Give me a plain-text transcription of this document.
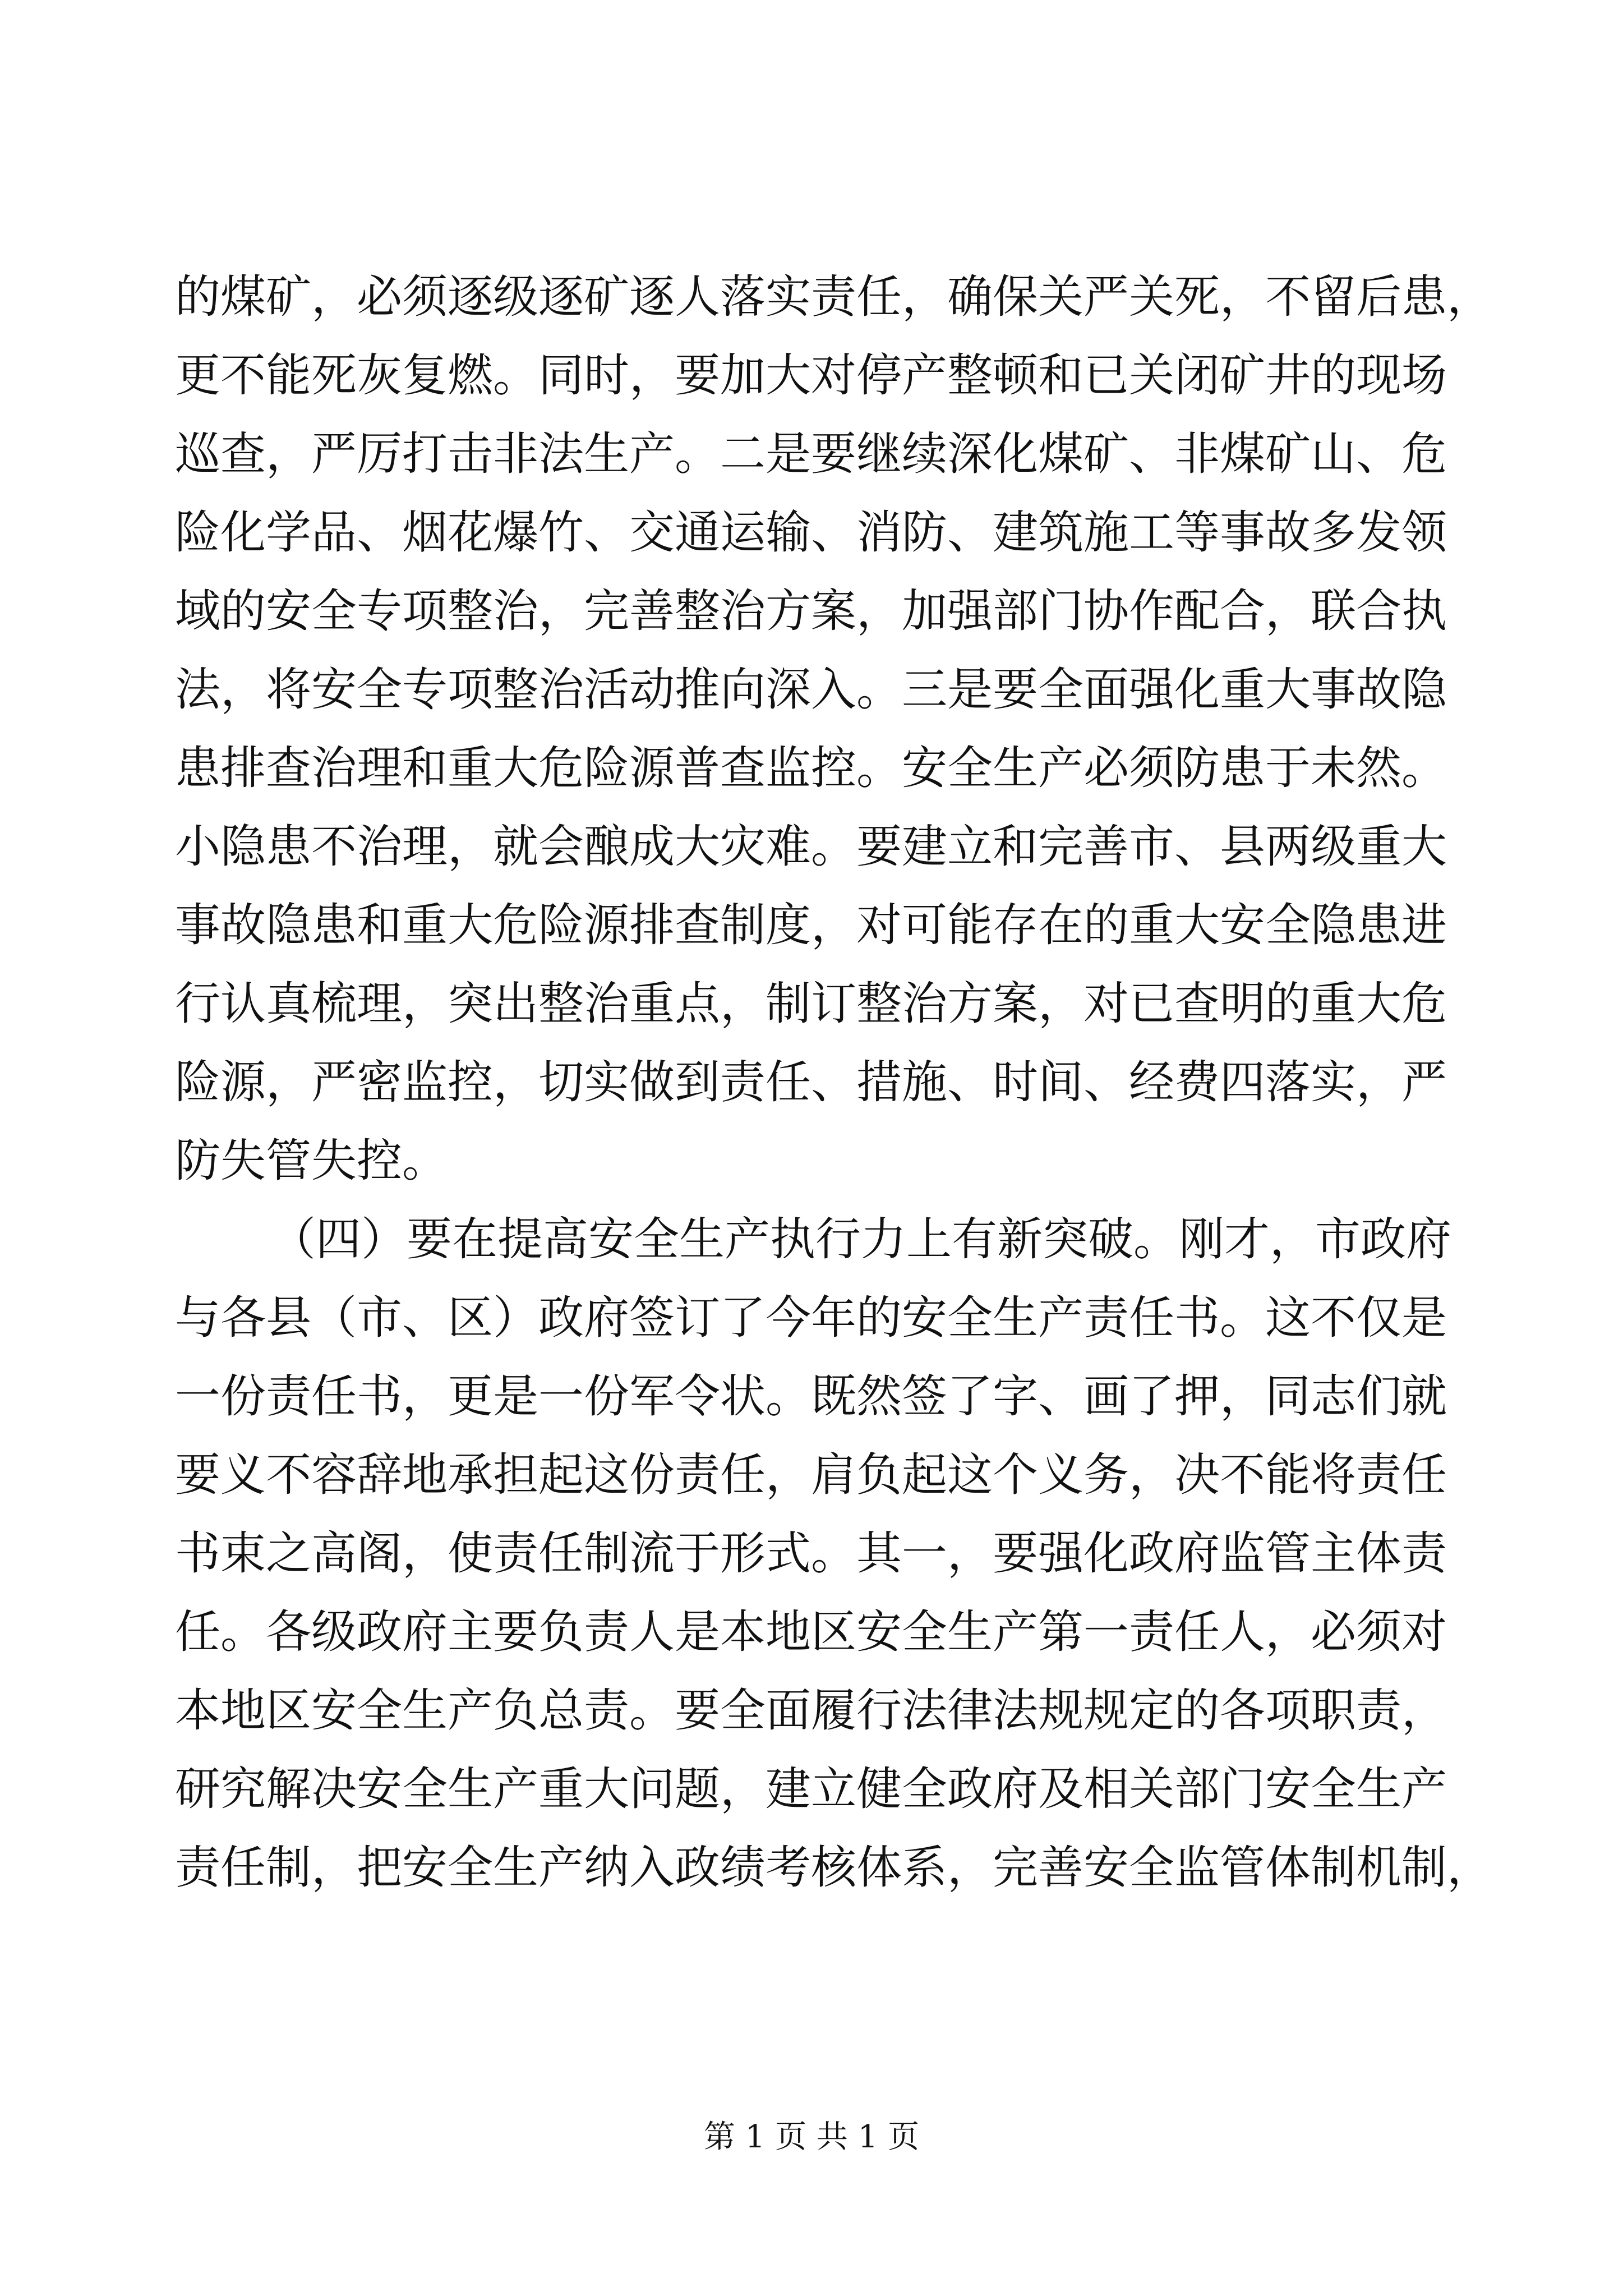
的煤矿，必须逐级逐矿逐人落实责任，确保关严关死，不留后患，
更不能死灰复燃。同时，要加大对停产整顿和已关闭矿井的现场
巡查，严厉打击非法生产。二是要继续深化煤矿、非煤矿山、危
险化学品、烟花爆竹、交通运输、消防、建筑施工等事故多发领
域的安全专项整治，完善整治方案，加强部门协作配合，联合执
法，将安全专项整治活动推向深入。三是要全面强化重大事故隐
患排查治理和重大危险源普查监控。安全生产必须防患于未然。
小隐患不治理，就会酿成大灾难。要建立和完善市、县两级重大
事故隐患和重大危险源排查制度，对可能存在的重大安全隐患进
行认真梳理，突出整治重点，制订整治方案，对已查明的重大危
险源，严密监控，切实做到责任、措施、时间、经费四落实，严
防失管失控。
（四）要在提高安全生产执行力上有新突破。刚才，市政府
与各县（市、区）政府签订了今年的安全生产责任书。这不仅是
一份责任书，更是一份军令状。既然签了字、画了押，同志们就
要义不容辞地承担起这份责任，肩负起这个义务，决不能将责任
书束之高阁，使责任制流于形式。其一，要强化政府监管主体责
任。各级政府主要负责人是本地区安全生产第一责任人，必须对
本地区安全生产负总责。要全面履行法律法规规定的各项职责，
研究解决安全生产重大问题，建立健全政府及相关部门安全生产
责任制，把安全生产纳入政绩考核体系，完善安全监管体制机制，
第 1 页 共 1 页
